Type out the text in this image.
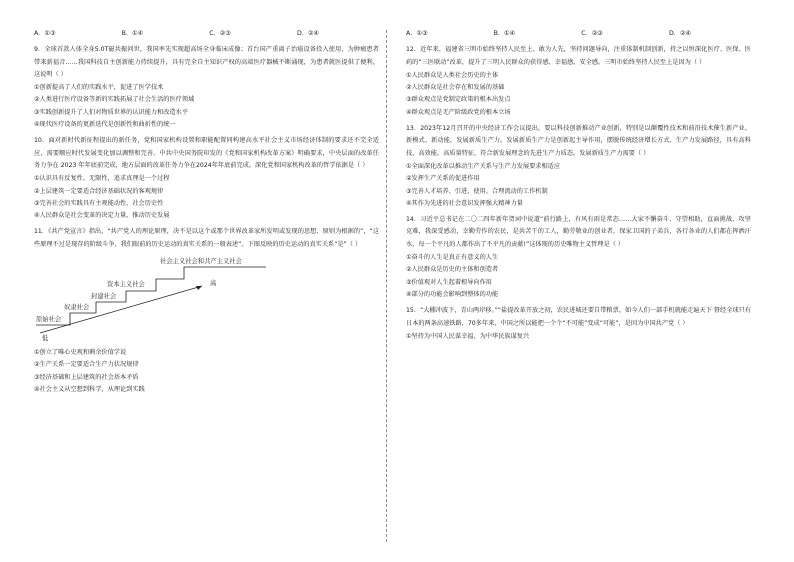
A．①③	B．①④	C．②③	D．②④
9．全球首款人体全身5.0T磁共振问世，我国率先实现超高场全身临床成像；首台国产重离子治癌设备投入使用，为肿瘤患者带来新福音……我国科技自主创新能力持续提升，具有完全自主知识产权的高端医疗器械不断涌现，为患者就医提供了便利。这说明（ ）
①创新提高了人们的实践水平，促进了医学技术
②人类进行医疗设备等新的实践拓展了社会生活的医疗领域
③实践创新提升了人们对物质世界的认识能力和改造水平
④现代医疗设备的更新迭代是创新性和曲折性的统一
10．面对新时代新征程提出的新任务，党和国家机构设置和职能配置同构建高水平社会主义市场经济体制的要求还不完全适应，需要顺应时代发展变化加以调整和完善。中共中央国务院印发的《党和国家机构改革方案》明确要求，中央层面的改革任务力争在 2023 年年底前完成，地方层面的改革任务力争在2024年年底前完成。深化党和国家机构改革的哲学依据是（ ）
①认识具有反复性、无限性，追求真理是一个过程
②上层建筑一定要适合经济基础状况的客观规律
③完善社会的实践具有主观能动性、社会历史性
④人民群众是社会变革的决定力量，推动历史发展
11．《共产党宣言》指出，“共产党人的理论原理，决不是以这个或那个世界改革家所发明或发现的思想、原则为根据的”，“这些原理不过是现存的阶级斗争、我们眼前的历史运动的真实关系的一般表述”。下图反映的历史运动的真实关系“是”（ ）
原始社会
奴隶社会
封建社会
资本主义社会
社会主义社会和共产主义社会
高
低
①创立了唯心史观和剩余价值学说
②生产关系一定要适合生产力状况规律
③经济基础和上层建筑的社会基本矛盾
④社会主义从空想到科学，从理论到实践
A．①③	B．①④	C．②③	D．②④
12．近年来，福建省三明市始终坚持人民至上、敢为人先，坚持问题导向，注重体制机制创新，持之以恒深化医疗、医保、医药的“三医联动”改革，提升了三明人民群众的获得感、幸福感、安全感。三明市始终坚持人民至上是因为（ ）
①人民群众是人类社会历史的主体
②人民群众是社会存在和发展的基础
③群众观点是党制定政策的根本出发点
④群众观点是无产阶级政党的根本立场
13．2023年12月召开的中央经济工作会议提出，要以科技创新推动产业创新，特别是以颠覆性技术和前沿技术催生新产业、新模式、新动能，发展新质生产力。发展新质生产力是创新起主导作用，摆脱传统经济增长方式、生产力发展路径，具有高科技、高效能、高质量特征，符合新发展理念的先进生产力质态。发展新质生产力需要（ ）
①全面深化改革以推动生产关系与生产力发展要求相适应
②发挥生产关系的促进作用
③完善人才培养、引进、使用、合理流动的工作机制
④其作为先进的社会意识发挥强大精神力量
14．习近平总书记在二〇二四年新年贺词中说道“前行路上，有风有雨是常态……大家不懈奋斗、守望相助，直面挑战、攻坚克难，我深受感动，幸勤劳作的农民，是共苦干的工人，勤劳敬业的创业者，保家卫国的子弟兵，各行各业的人们都在挥洒汗水，每一个平凡的人都作出了不平凡的贡献!”这体现的历史唯物主义哲理是（ ）
①奋斗的人生是真正有意义的人生
②人民群众是历史的主体和创造者
③价值观对人生起着根导向作用
④部分的功能会影响到整体的功能
15．“大棚冲波下，青山两岸移。”“盐提改革开放之初，农民进城还要自带粮票，如今人们一部手机就能走遍天下 督经全球只有日本的两条高速铁路，70多年来，中国之所以能把一个个“不可能”变成“可能”，是因为中国共产党（ ）
①坚持为中国人民谋幸福、为中华民族谋复兴
